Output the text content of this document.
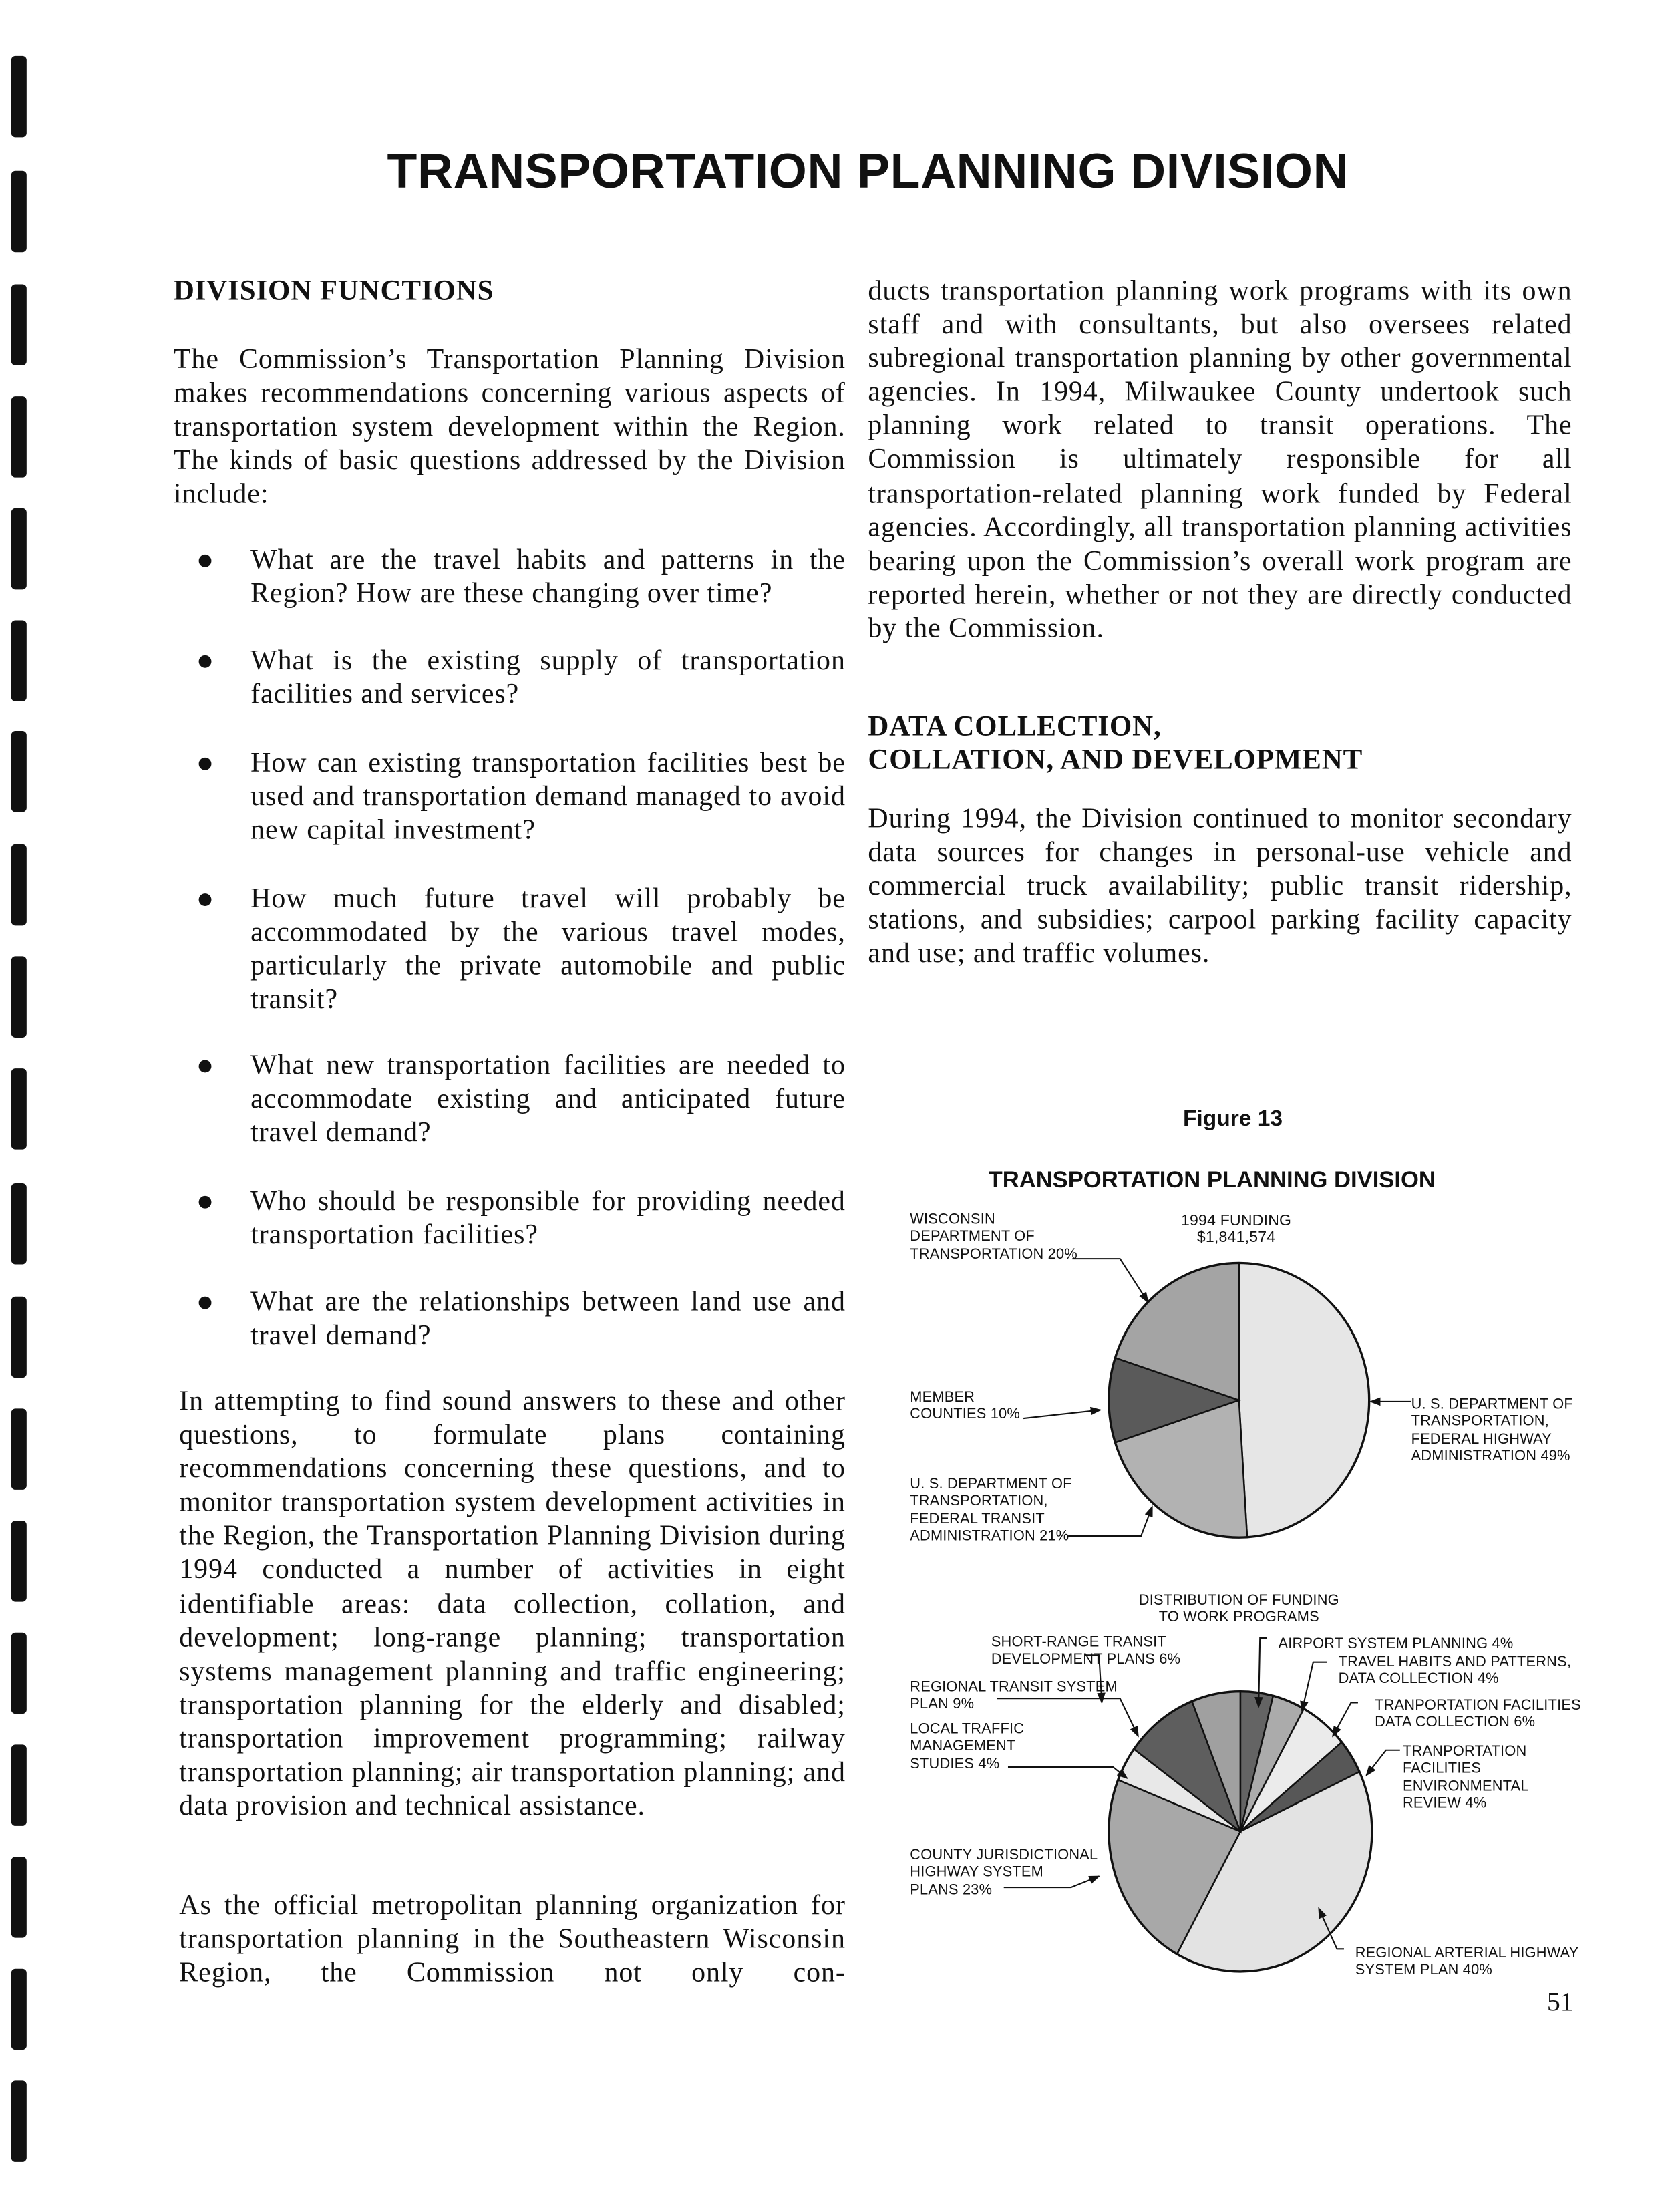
TRANSPORTATION PLANNING DIVISION
DIVISION FUNCTIONS
The Commission’s Transportation Planning Division makes recommendations concerning various aspects of transportation system development within the Region. The kinds of basic questions addressed by the Division include:
What are the travel habits and patterns in the Region? How are these changing over time?
What is the existing supply of transportation facilities and services?
How can existing transportation facilities best be used and transportation demand managed to avoid new capital investment?
How much future travel will probably be accommodated by the various travel modes, particularly the private automobile and public transit?
What new transportation facilities are needed to accommodate existing and anticipated future travel demand?
Who should be responsible for providing needed transportation facilities?
What are the relationships between land use and travel demand?
In attempting to find sound answers to these and other questions, to formulate plans containing recommendations concerning these questions, and to monitor transportation system development activities in the Region, the Transportation Planning Division during 1994 conducted a number of activities in eight identifiable areas: data collection, collation, and development; long-range planning; transportation systems management planning and traffic engineering; transportation planning for the elderly and disabled; transportation improvement programming; railway transportation planning; air transportation planning; and data provision and technical assistance.
As the official metropolitan planning organization for transportation planning in the Southeastern Wisconsin Region, the Commission not only con-
ducts transportation planning work programs with its own staff and with consultants, but also oversees related subregional transportation planning by other governmental agencies. In 1994, Milwaukee County undertook such planning work related to transit operations. The Commission is ultimately responsible for all transportation-related planning work funded by Federal agencies. Accordingly, all transportation planning activities bearing upon the Commission’s overall work program are reported herein, whether or not they are directly conducted by the Commission.
DATA COLLECTION,
COLLATION, AND DEVELOPMENT
During 1994, the Division continued to monitor secondary data sources for changes in personal-use vehicle and commercial truck availability; public transit ridership, stations, and subsidies; carpool parking facility capacity and use; and traffic volumes.
Figure 13
TRANSPORTATION PLANNING DIVISION
1994 FUNDING
$1,841,574
U. S. DEPARTMENT OF
TRANSPORTATION,
FEDERAL HIGHWAY
ADMINISTRATION 49%
U. S. DEPARTMENT OF
TRANSPORTATION,
FEDERAL TRANSIT
ADMINISTRATION 21%
MEMBER
COUNTIES 10%
WISCONSIN
DEPARTMENT OF
TRANSPORTATION 20%
DISTRIBUTION OF FUNDING
TO WORK PROGRAMS
AIRPORT SYSTEM PLANNING 4%
TRAVEL HABITS AND PATTERNS,
DATA COLLECTION 4%
TRANPORTATION FACILITIES
DATA COLLECTION 6%
TRANPORTATION
FACILITIES
ENVIRONMENTAL
REVIEW 4%
REGIONAL ARTERIAL HIGHWAY
SYSTEM PLAN 40%
COUNTY JURISDICTIONAL
HIGHWAY SYSTEM
PLANS 23%
LOCAL TRAFFIC
MANAGEMENT
STUDIES 4%
REGIONAL TRANSIT SYSTEM
PLAN 9%
SHORT-RANGE TRANSIT
DEVELOPMENT PLANS 6%
51
